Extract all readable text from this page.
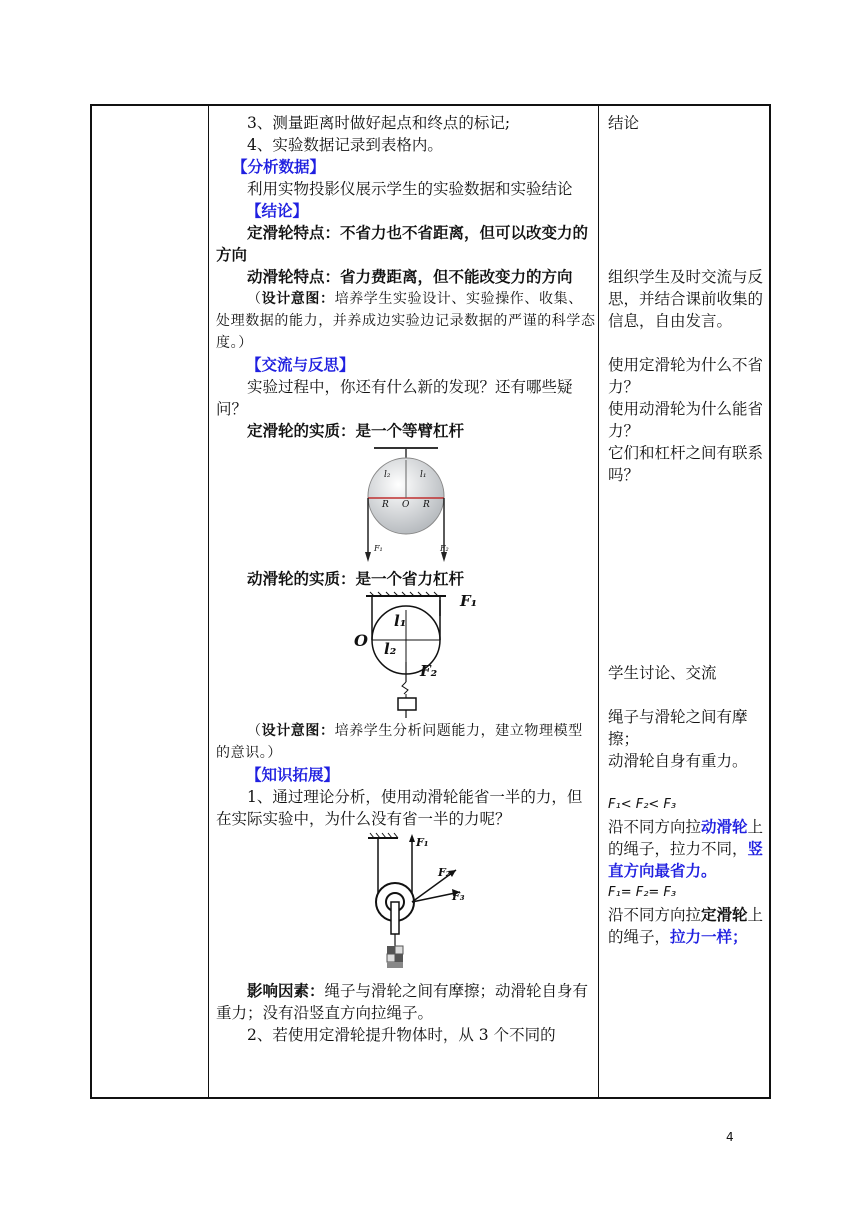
3、测量距离时做好起点和终点的标记;

4、实验数据记录到表格内。

【分析数据】

利用实物投影仪展示学生的实验数据和实验结论

【结论】

定滑轮特点：不省力也不省距离，但可以改变力的方向

动滑轮特点：省力费距离，但不能改变力的方向

（设计意图：培养学生实验设计、实验操作、收集、处理数据的能力，并养成边实验边记录数据的严谨的科学态度。）

【交流与反思】

实验过程中，你还有什么新的发现？还有哪些疑问？

定滑轮的实质：是一个等臂杠杆

l₂	l₁
R O R
F₁	F₂

动滑轮的实质：是一个省力杠杆

F₁
l₁
O l₂
F₂

（设计意图：培养学生分析问题能力，建立物理模型的意识。）

【知识拓展】

1、通过理论分析，使用动滑轮能省一半的力，但在实际实验中，为什么没有省一半的力呢？

F₁
F₂
F₃

影响因素：绳子与滑轮之间有摩擦；动滑轮自身有重力；没有沿竖直方向拉绳子。

2、若使用定滑轮提升物体时，从 3 个不同的

结论

组织学生及时交流与反思，并结合课前收集的信息，自由发言。

使用定滑轮为什么不省力？

使用动滑轮为什么能省力？

它们和杠杆之间有联系吗？

学生讨论、交流

绳子与滑轮之间有摩擦；

动滑轮自身有重力。

F₁< F₂< F₃

沿不同方向拉动滑轮上的绳子，拉力不同，竖直方向最省力。

F₁= F₂= F₃

沿不同方向拉定滑轮上的绳子，拉力一样；

4
